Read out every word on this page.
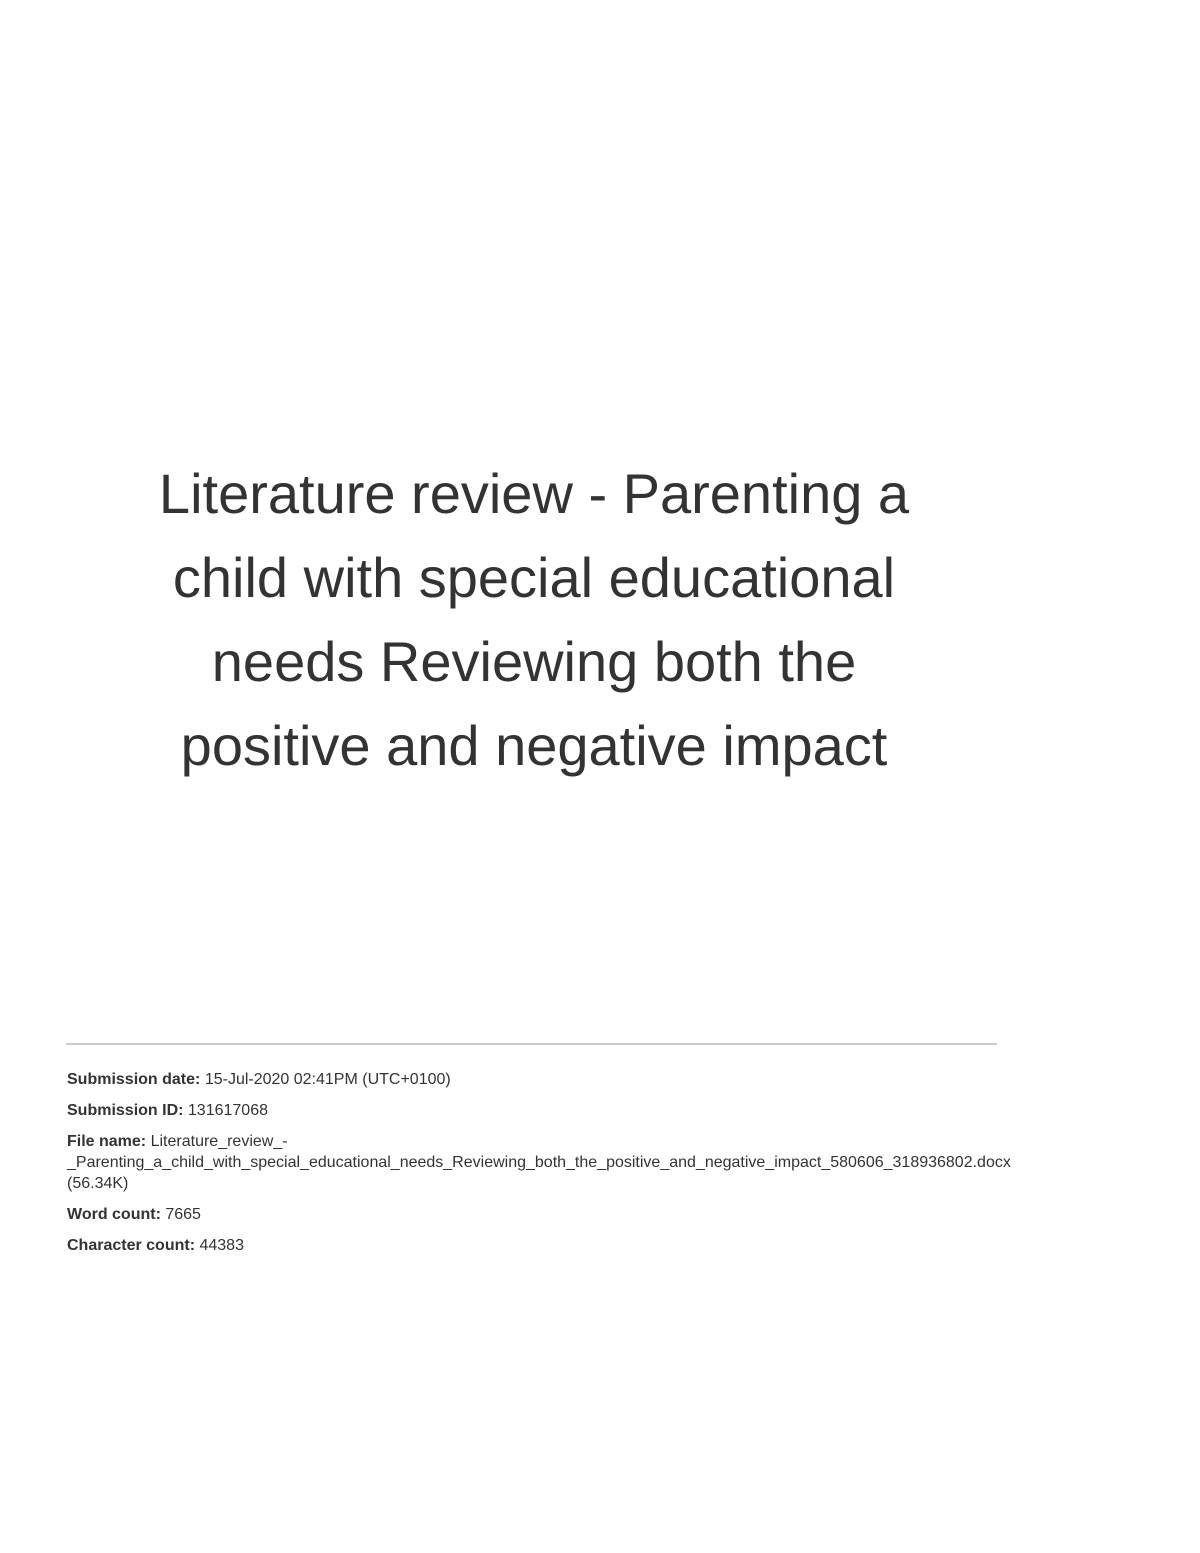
Literature review - Parenting a
child with special educational
needs Reviewing both the
positive and negative impact
Submission date: 15-Jul-2020 02:41PM (UTC+0100)
Submission ID: 131617068
File name: Literature_review_-
_Parenting_a_child_with_special_educational_needs_Reviewing_both_the_positive_and_negative_impact_580606_318936802.docx
(56.34K)
Word count: 7665
Character count: 44383
